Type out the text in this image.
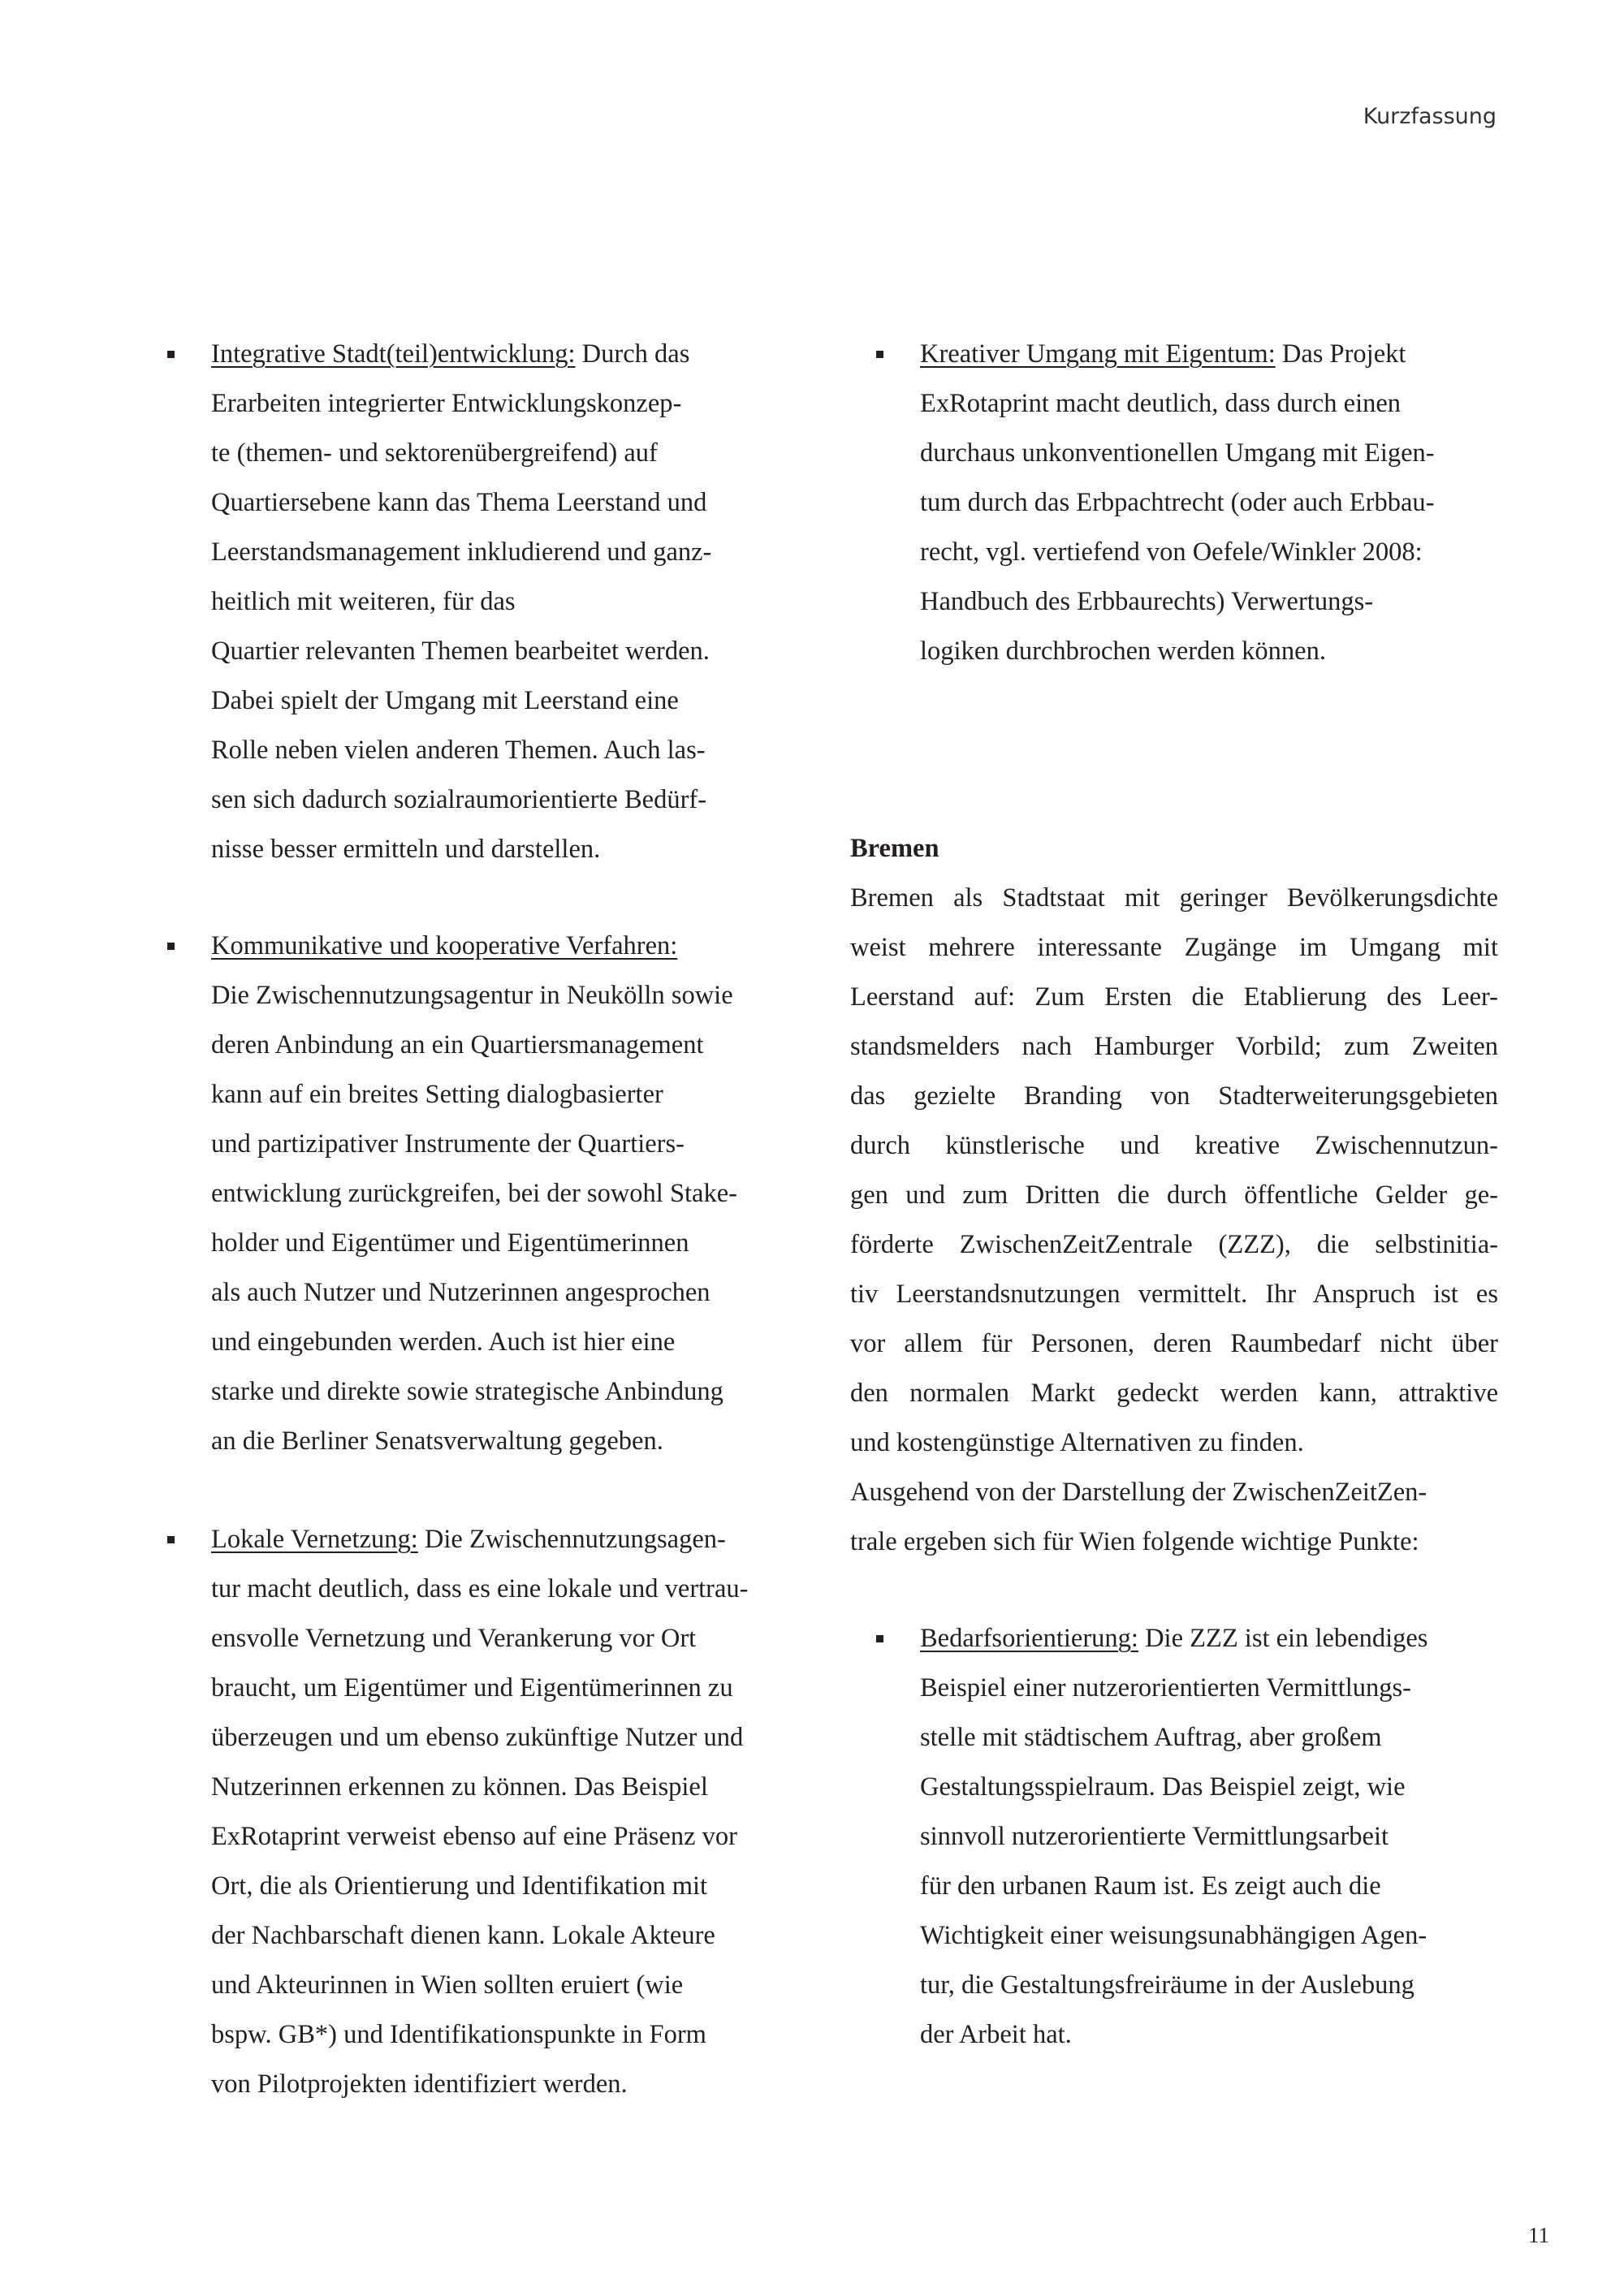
Kurzfassung
Integrative Stadt(teil)entwicklung: Durch das
Erarbeiten integrierter Entwicklungskonzep-
te (themen- und sektorenübergreifend) auf
Quartiersebene kann das Thema Leerstand und
Leerstandsmanagement inkludierend und ganz-
heitlich mit weiteren, für das
Quartier relevanten Themen bearbeitet werden.
Dabei spielt der Umgang mit Leerstand eine
Rolle neben vielen anderen Themen. Auch las-
sen sich dadurch sozialraumorientierte Bedürf-
nisse besser ermitteln und darstellen.
Kommunikative und kooperative Verfahren:
Die Zwischennutzungsagentur in Neukölln sowie
deren Anbindung an ein Quartiersmanagement
kann auf ein breites Setting dialogbasierter
und partizipativer Instrumente der Quartiers-
entwicklung zurückgreifen, bei der sowohl Stake-
holder und Eigentümer und Eigentümerinnen
als auch Nutzer und Nutzerinnen angesprochen
und eingebunden werden. Auch ist hier eine
starke und direkte sowie strategische Anbindung
an die Berliner Senatsverwaltung gegeben.
Lokale Vernetzung: Die Zwischennutzungsagen-
tur macht deutlich, dass es eine lokale und vertrau-
ensvolle Vernetzung und Verankerung vor Ort
braucht, um Eigentümer und Eigentümerinnen zu
überzeugen und um ebenso zukünftige Nutzer und
Nutzerinnen erkennen zu können. Das Beispiel
ExRotaprint verweist ebenso auf eine Präsenz vor
Ort, die als Orientierung und Identifikation mit
der Nachbarschaft dienen kann. Lokale Akteure
und Akteurinnen in Wien sollten eruiert (wie
bspw. GB*) und Identifikationspunkte in Form
von Pilotprojekten identifiziert werden.
Kreativer Umgang mit Eigentum: Das Projekt
ExRotaprint macht deutlich, dass durch einen
durchaus unkonventionellen Umgang mit Eigen-
tum durch das Erbpachtrecht (oder auch Erbbau-
recht, vgl. vertiefend von Oefele/Winkler 2008:
Handbuch des Erbbaurechts) Verwertungs-
logiken durchbrochen werden können.
Bremen
Bremen als Stadtstaat mit geringer Bevölkerungsdichte
weist mehrere interessante Zugänge im Umgang mit
Leerstand auf: Zum Ersten die Etablierung des Leer-
standsmelders nach Hamburger Vorbild; zum Zweiten
das gezielte Branding von Stadterweiterungsgebieten
durch künstlerische und kreative Zwischennutzun-
gen und zum Dritten die durch öffentliche Gelder ge-
förderte ZwischenZeitZentrale (ZZZ), die selbstinitia-
tiv Leerstandsnutzungen vermittelt. Ihr Anspruch ist es
vor allem für Personen, deren Raumbedarf nicht über
den normalen Markt gedeckt werden kann, attraktive
und kostengünstige Alternativen zu finden.
Ausgehend von der Darstellung der ZwischenZeitZen-
trale ergeben sich für Wien folgende wichtige Punkte:
Bedarfsorientierung: Die ZZZ ist ein lebendiges
Beispiel einer nutzerorientierten Vermittlungs-
stelle mit städtischem Auftrag, aber großem
Gestaltungsspielraum. Das Beispiel zeigt, wie
sinnvoll nutzerorientierte Vermittlungsarbeit
für den urbanen Raum ist. Es zeigt auch die
Wichtigkeit einer weisungsunabhängigen Agen-
tur, die Gestaltungsfreiräume in der Auslebung
der Arbeit hat.
11
